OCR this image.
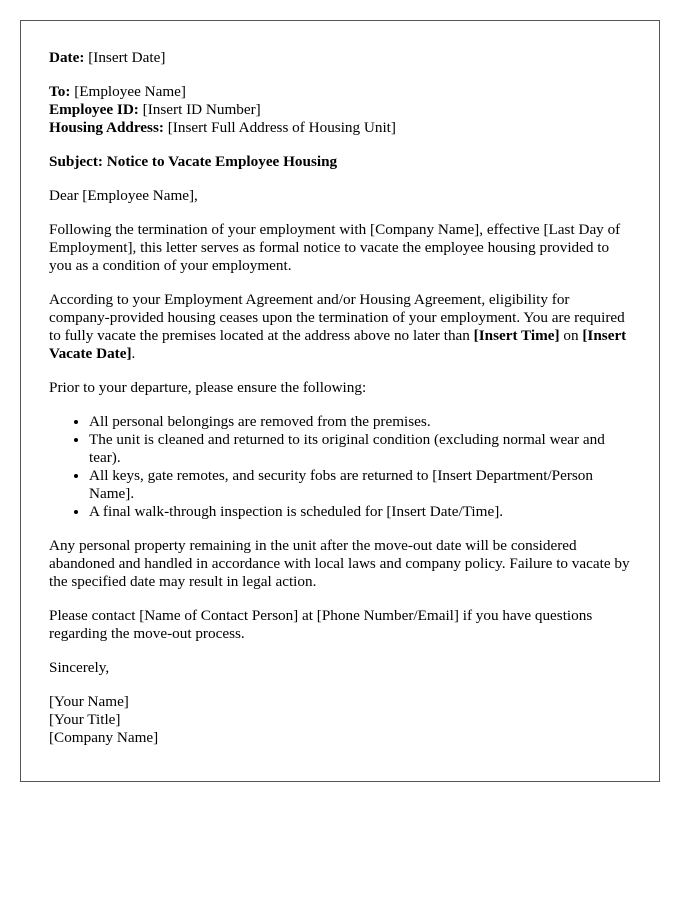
Date: [Insert Date]

To: [Employee Name]
Employee ID: [Insert ID Number]
Housing Address: [Insert Full Address of Housing Unit]

Subject: Notice to Vacate Employee Housing

Dear [Employee Name],

Following the termination of your employment with [Company Name], effective [Last Day of Employment], this letter serves as formal notice to vacate the employee housing provided to you as a condition of your employment.

According to your Employment Agreement and/or Housing Agreement, eligibility for company-provided housing ceases upon the termination of your employment. You are required to fully vacate the premises located at the address above no later than [Insert Time] on [Insert Vacate Date].

Prior to your departure, please ensure the following:

• All personal belongings are removed from the premises.
• The unit is cleaned and returned to its original condition (excluding normal wear and tear).
• All keys, gate remotes, and security fobs are returned to [Insert Department/Person Name].
• A final walk-through inspection is scheduled for [Insert Date/Time].

Any personal property remaining in the unit after the move-out date will be considered abandoned and handled in accordance with local laws and company policy. Failure to vacate by the specified date may result in legal action.

Please contact [Name of Contact Person] at [Phone Number/Email] if you have questions regarding the move-out process.

Sincerely,

[Your Name]
[Your Title]
[Company Name]
